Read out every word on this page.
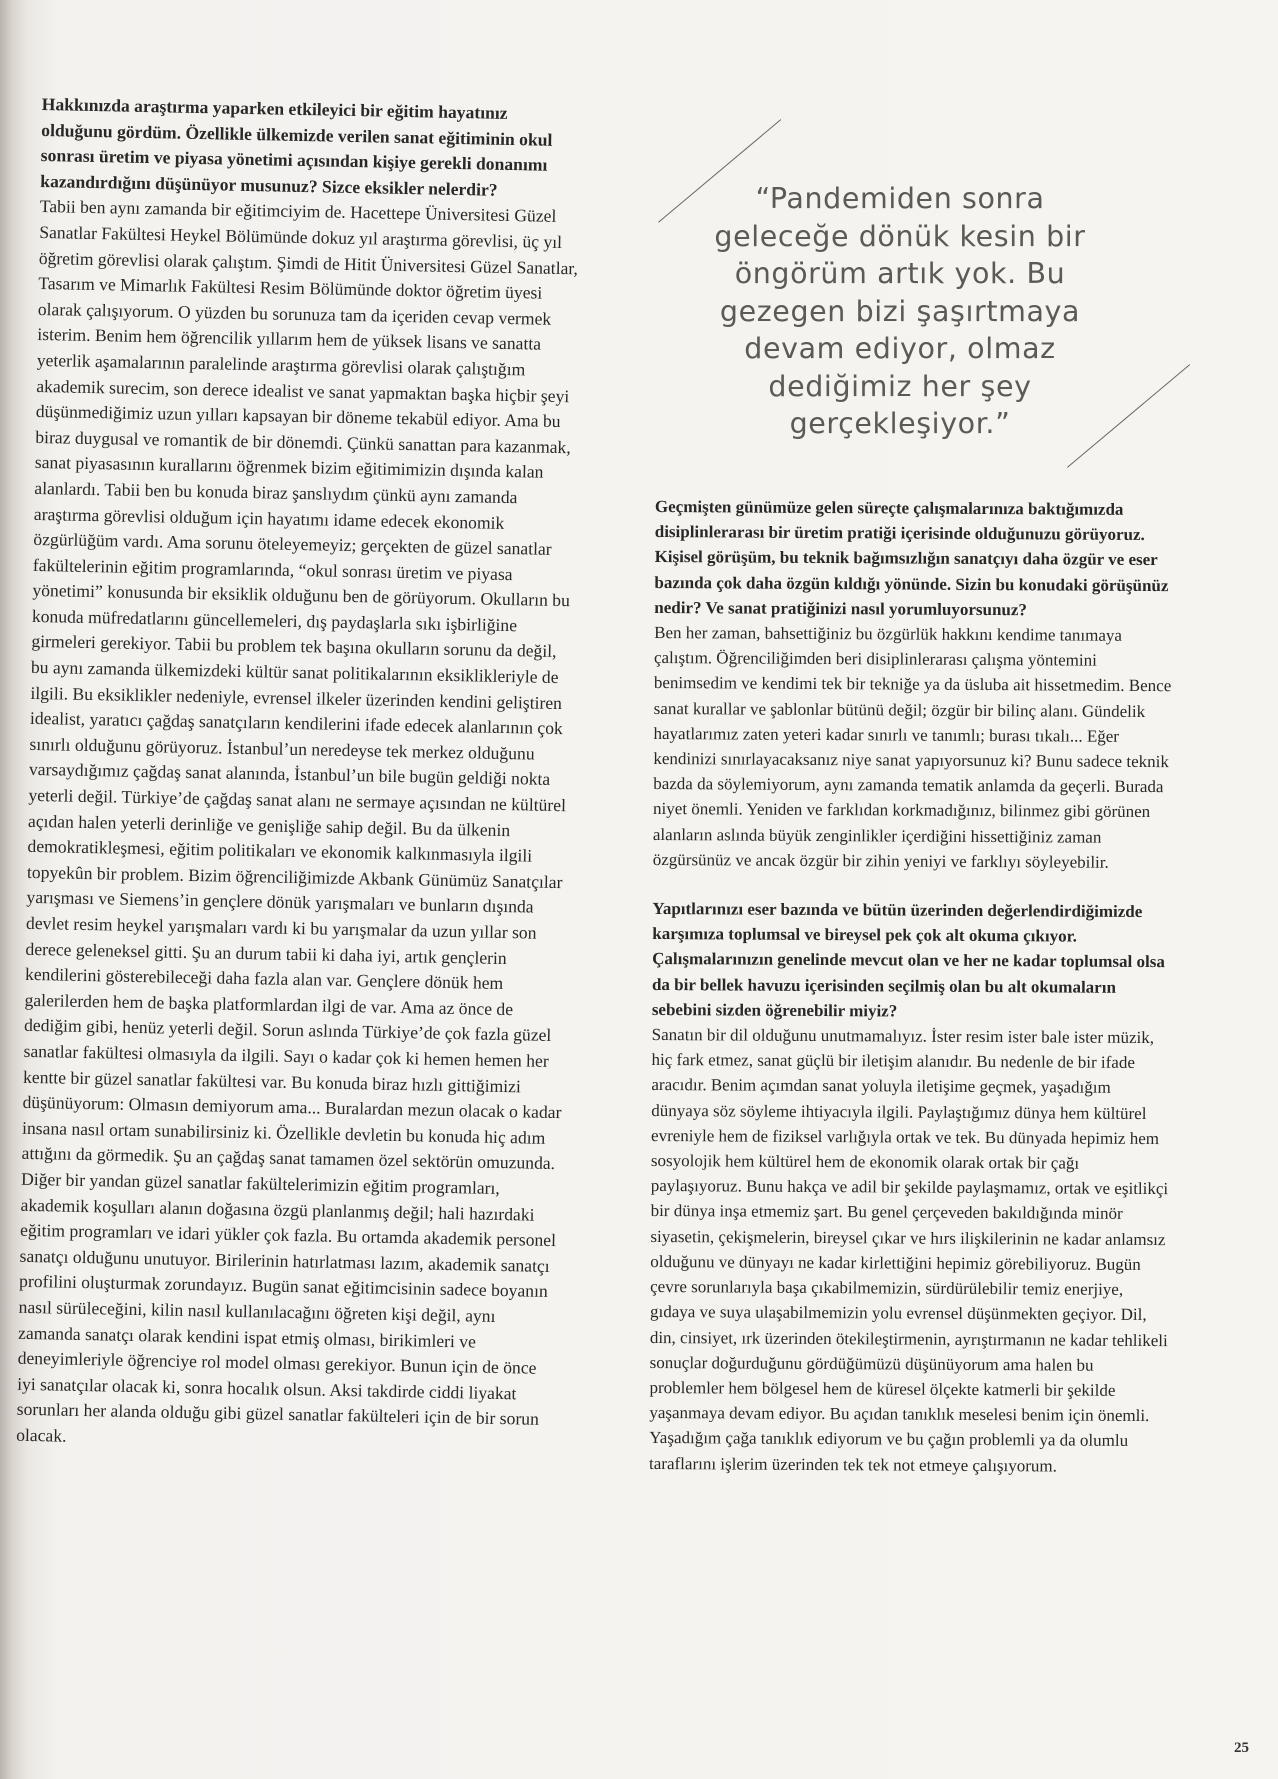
Hakkınızda araştırma yaparken etkileyici bir eğitim hayatınız olduğunu gördüm. Özellikle ülkemizde verilen sanat eğitiminin okul sonrası üretim ve piyasa yönetimi açısından kişiye gerekli donanımı kazandırdığını düşünüyor musunuz? Sizce eksikler nelerdir?

Tabii ben aynı zamanda bir eğitimciyim de. Hacettepe Üniversitesi Güzel Sanatlar Fakültesi Heykel Bölümünde dokuz yıl araştırma görevlisi, üç yıl öğretim görevlisi olarak çalıştım. Şimdi de Hitit Üniversitesi Güzel Sanatlar, Tasarım ve Mimarlık Fakültesi Resim Bölümünde doktor öğretim üyesi olarak çalışıyorum. O yüzden bu sorunuza tam da içeriden cevap vermek isterim. Benim hem öğrencilik yıllarım hem de yüksek lisans ve sanatta yeterlik aşamalarının paralelinde araştırma görevlisi olarak çalıştığım akademik surecim, son derece idealist ve sanat yapmaktan başka hiçbir şeyi düşünmediğimiz uzun yılları kapsayan bir döneme tekabül ediyor. Ama bu biraz duygusal ve romantik de bir dönemdi. Çünkü sanattan para kazanmak, sanat piyasasının kurallarını öğrenmek bizim eğitimimizin dışında kalan alanlardı. Tabii ben bu konuda biraz şanslıydım çünkü aynı zamanda araştırma görevlisi olduğum için hayatımı idame edecek ekonomik özgürlüğüm vardı. Ama sorunu öteleyemeyiz; gerçekten de güzel sanatlar fakültelerinin eğitim programlarında, “okul sonrası üretim ve piyasa yönetimi” konusunda bir eksiklik olduğunu ben de görüyorum. Okulların bu konuda müfredatlarını güncellemeleri, dış paydaşlarla sıkı işbirliğine girmeleri gerekiyor. Tabii bu problem tek başına okulların sorunu da değil, bu aynı zamanda ülkemizdeki kültür sanat politikalarının eksiklikleriyle de ilgili. Bu eksiklikler nedeniyle, evrensel ilkeler üzerinden kendini geliştiren idealist, yaratıcı çağdaş sanatçıların kendilerini ifade edecek alanlarının çok sınırlı olduğunu görüyoruz. İstanbul’un neredeyse tek merkez olduğunu varsaydığımız çağdaş sanat alanında, İstanbul’un bile bugün geldiği nokta yeterli değil. Türkiye’de çağdaş sanat alanı ne sermaye açısından ne kültürel açıdan halen yeterli derinliğe ve genişliğe sahip değil. Bu da ülkenin demokratikleşmesi, eğitim politikaları ve ekonomik kalkınmasıyla ilgili topyekûn bir problem. Bizim öğrenciliğimizde Akbank Günümüz Sanatçılar yarışması ve Siemens’in gençlere dönük yarışmaları ve bunların dışında devlet resim heykel yarışmaları vardı ki bu yarışmalar da uzun yıllar son derece geleneksel gitti. Şu an durum tabii ki daha iyi, artık gençlerin kendilerini gösterebileceği daha fazla alan var. Gençlere dönük hem galerilerden hem de başka platformlardan ilgi de var. Ama az önce de dediğim gibi, henüz yeterli değil. Sorun aslında Türkiye’de çok fazla güzel sanatlar fakültesi olmasıyla da ilgili. Sayı o kadar çok ki hemen hemen her kentte bir güzel sanatlar fakültesi var. Bu konuda biraz hızlı gittiğimizi düşünüyorum: Olmasın demiyorum ama... Buralardan mezun olacak o kadar insana nasıl ortam sunabilirsiniz ki. Özellikle devletin bu konuda hiç adım attığını da görmedik. Şu an çağdaş sanat tamamen özel sektörün omuzunda. Diğer bir yandan güzel sanatlar fakültelerimizin eğitim programları, akademik koşulları alanın doğasına özgü planlanmış değil; hali hazırdaki eğitim programları ve idari yükler çok fazla. Bu ortamda akademik personel sanatçı olduğunu unutuyor. Birilerinin hatırlatması lazım, akademik sanatçı profilini oluşturmak zorundayız. Bugün sanat eğitimcisinin sadece boyanın nasıl sürüleceğini, kilin nasıl kullanılacağını öğreten kişi değil, aynı zamanda sanatçı olarak kendini ispat etmiş olması, birikimleri ve deneyimleriyle öğrenciye rol model olması gerekiyor. Bunun için de önce iyi sanatçılar olacak ki, sonra hocalık olsun. Aksi takdirde ciddi liyakat sorunları her alanda olduğu gibi güzel sanatlar fakülteleri için de bir sorun olacak.

“Pandemiden sonra geleceğe dönük kesin bir öngörüm artık yok. Bu gezegen bizi şaşırtmaya devam ediyor, olmaz dediğimiz her şey gerçekleşiyor.”

Geçmişten günümüze gelen süreçte çalışmalarınıza baktığımızda disiplinlerarası bir üretim pratiği içerisinde olduğunuzu görüyoruz. Kişisel görüşüm, bu teknik bağımsızlığın sanatçıyı daha özgür ve eser bazında çok daha özgün kıldığı yönünde. Sizin bu konudaki görüşünüz nedir? Ve sanat pratiğinizi nasıl yorumluyorsunuz?

Ben her zaman, bahsettiğiniz bu özgürlük hakkını kendime tanımaya çalıştım. Öğrenciliğimden beri disiplinlerarası çalışma yöntemini benimsedim ve kendimi tek bir tekniğe ya da üsluba ait hissetmedim. Bence sanat kurallar ve şablonlar bütünü değil; özgür bir bilinç alanı. Gündelik hayatlarımız zaten yeteri kadar sınırlı ve tanımlı; burası tıkalı... Eğer kendinizi sınırlayacaksanız niye sanat yapıyorsunuz ki? Bunu sadece teknik bazda da söylemiyorum, aynı zamanda tematik anlamda da geçerli. Burada niyet önemli. Yeniden ve farklıdan korkmadığınız, bilinmez gibi görünen alanların aslında büyük zenginlikler içerdiğini hissettiğiniz zaman özgürsünüz ve ancak özgür bir zihin yeniyi ve farklıyı söyleyebilir.

Yapıtlarınızı eser bazında ve bütün üzerinden değerlendirdiğimizde karşımıza toplumsal ve bireysel pek çok alt okuma çıkıyor. Çalışmalarınızın genelinde mevcut olan ve her ne kadar toplumsal olsa da bir bellek havuzu içerisinden seçilmiş olan bu alt okumaların sebebini sizden öğrenebilir miyiz?

Sanatın bir dil olduğunu unutmamalıyız. İster resim ister bale ister müzik, hiç fark etmez, sanat güçlü bir iletişim alanıdır. Bu nedenle de bir ifade aracıdır. Benim açımdan sanat yoluyla iletişime geçmek, yaşadığım dünyaya söz söyleme ihtiyacıyla ilgili. Paylaştığımız dünya hem kültürel evreniyle hem de fiziksel varlığıyla ortak ve tek. Bu dünyada hepimiz hem sosyolojik hem kültürel hem de ekonomik olarak ortak bir çağı paylaşıyoruz. Bunu hakça ve adil bir şekilde paylaşmamız, ortak ve eşitlikçi bir dünya inşa etmemiz şart. Bu genel çerçeveden bakıldığında minör siyasetin, çekişmelerin, bireysel çıkar ve hırs ilişkilerinin ne kadar anlamsız olduğunu ve dünyayı ne kadar kirlettiğini hepimiz görebiliyoruz. Bugün çevre sorunlarıyla başa çıkabilmemizin, sürdürülebilir temiz enerjiye, gıdaya ve suya ulaşabilmemizin yolu evrensel düşünmekten geçiyor. Dil, din, cinsiyet, ırk üzerinden ötekileştirmenin, ayrıştırmanın ne kadar tehlikeli sonuçlar doğurduğunu gördüğümüzü düşünüyorum ama halen bu problemler hem bölgesel hem de küresel ölçekte katmerli bir şekilde yaşanmaya devam ediyor. Bu açıdan tanıklık meselesi benim için önemli. Yaşadığım çağa tanıklık ediyorum ve bu çağın problemli ya da olumlu taraflarını işlerim üzerinden tek tek not etmeye çalışıyorum.

25
